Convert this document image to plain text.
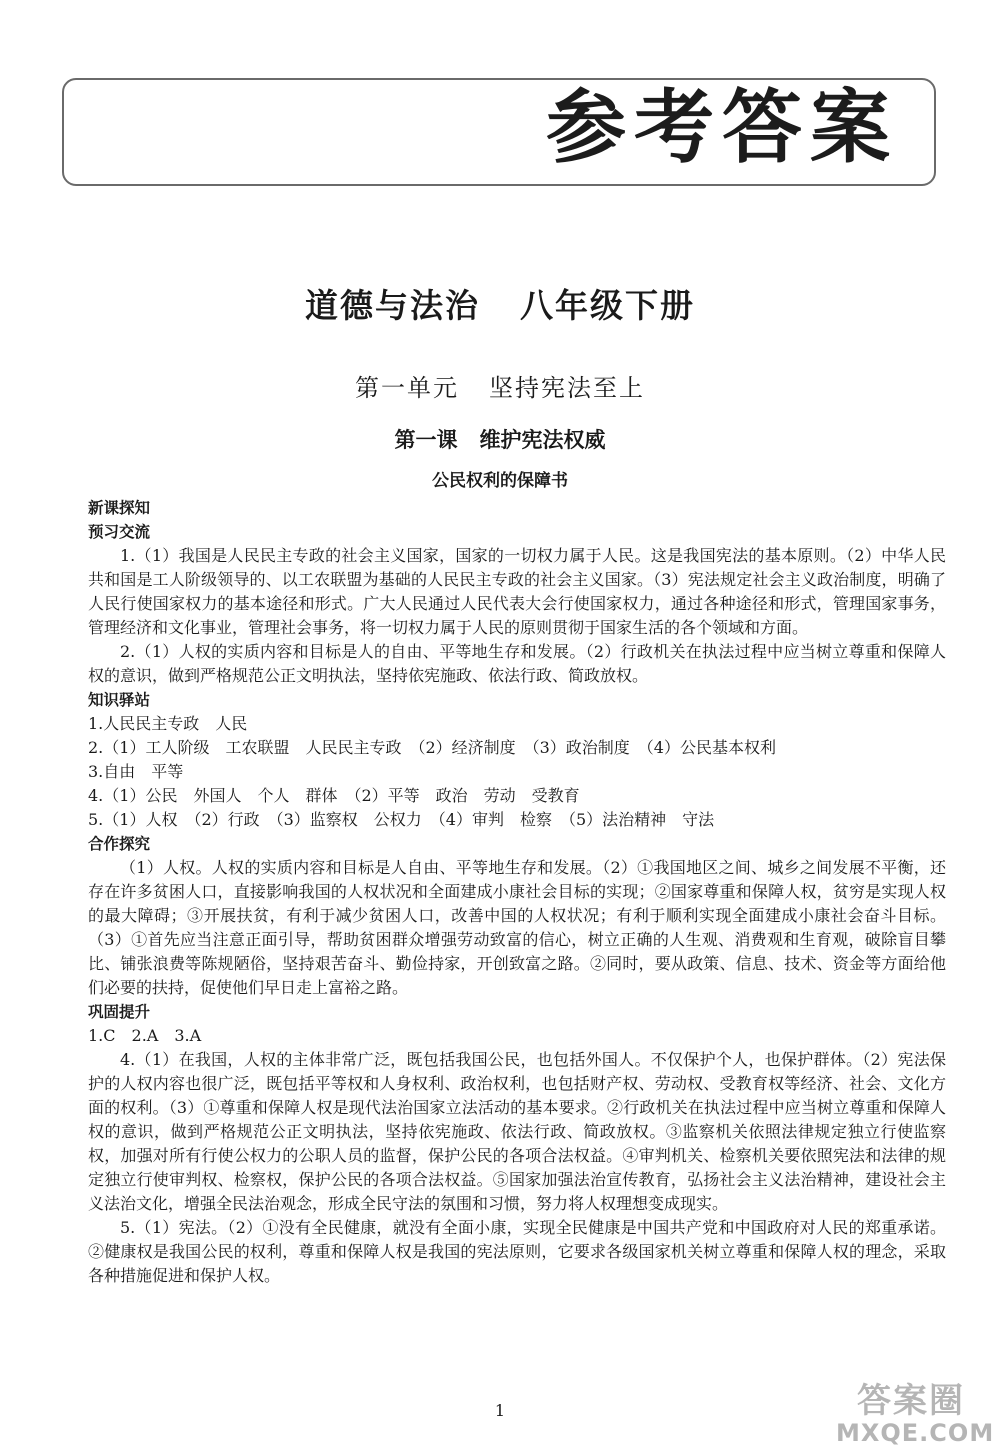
参考答案
道德与法治 八年级下册
第一单元 坚持宪法至上
第一课 维护宪法权威
公民权利的保障书
新课探知
预习交流
1.（1）我国是人民民主专政的社会主义国家，国家的一切权力属于人民。这是我国宪法的基本原则。（2）中华人民共和国是工人阶级领导的、以工农联盟为基础的人民民主专政的社会主义国家。（3）宪法规定社会主义政治制度，明确了人民行使国家权力的基本途径和形式。广大人民通过人民代表大会行使国家权力，通过各种途径和形式，管理国家事务，管理经济和文化事业，管理社会事务，将一切权力属于人民的原则贯彻于国家生活的各个领域和方面。
2.（1）人权的实质内容和目标是人的自由、平等地生存和发展。（2）行政机关在执法过程中应当树立尊重和保障人权的意识，做到严格规范公正文明执法，坚持依宪施政、依法行政、简政放权。
知识驿站
1.人民民主专政　人民
2.（1）工人阶级　工农联盟　人民民主专政　（2）经济制度　（3）政治制度　（4）公民基本权利
3.自由　平等
4.（1）公民　外国人　个人　群体　（2）平等　政治　劳动　受教育
5.（1）人权　（2）行政　（3）监察权　公权力　（4）审判　检察　（5）法治精神　守法
合作探究
（1）人权。人权的实质内容和目标是人自由、平等地生存和发展。（2）①我国地区之间、城乡之间发展不平衡，还存在许多贫困人口，直接影响我国的人权状况和全面建成小康社会目标的实现；②国家尊重和保障人权，贫穷是实现人权的最大障碍；③开展扶贫，有利于减少贫困人口，改善中国的人权状况；有利于顺利实现全面建成小康社会奋斗目标。（3）①首先应当注意正面引导，帮助贫困群众增强劳动致富的信心，树立正确的人生观、消费观和生育观，破除盲目攀比、铺张浪费等陈规陋俗，坚持艰苦奋斗、勤俭持家，开创致富之路。②同时，要从政策、信息、技术、资金等方面给他们必要的扶持，促使他们早日走上富裕之路。
巩固提升
1.C　2.A　3.A
4.（1）在我国，人权的主体非常广泛，既包括我国公民，也包括外国人。不仅保护个人，也保护群体。（2）宪法保护的人权内容也很广泛，既包括平等权和人身权利、政治权利，也包括财产权、劳动权、受教育权等经济、社会、文化方面的权利。（3）①尊重和保障人权是现代法治国家立法活动的基本要求。②行政机关在执法过程中应当树立尊重和保障人权的意识，做到严格规范公正文明执法，坚持依宪施政、依法行政、简政放权。③监察机关依照法律规定独立行使监察权，加强对所有行使公权力的公职人员的监督，保护公民的各项合法权益。④审判机关、检察机关要依照宪法和法律的规定独立行使审判权、检察权，保护公民的各项合法权益。⑤国家加强法治宣传教育，弘扬社会主义法治精神，建设社会主义法治文化，增强全民法治观念，形成全民守法的氛围和习惯，努力将人权理想变成现实。
5.（1）宪法。（2）①没有全民健康，就没有全面小康，实现全民健康是中国共产党和中国政府对人民的郑重承诺。②健康权是我国公民的权利，尊重和保障人权是我国的宪法原则，它要求各级国家机关树立尊重和保障人权的理念，采取各种措施促进和保护人权。
1	答案圈
MXQE.COM
